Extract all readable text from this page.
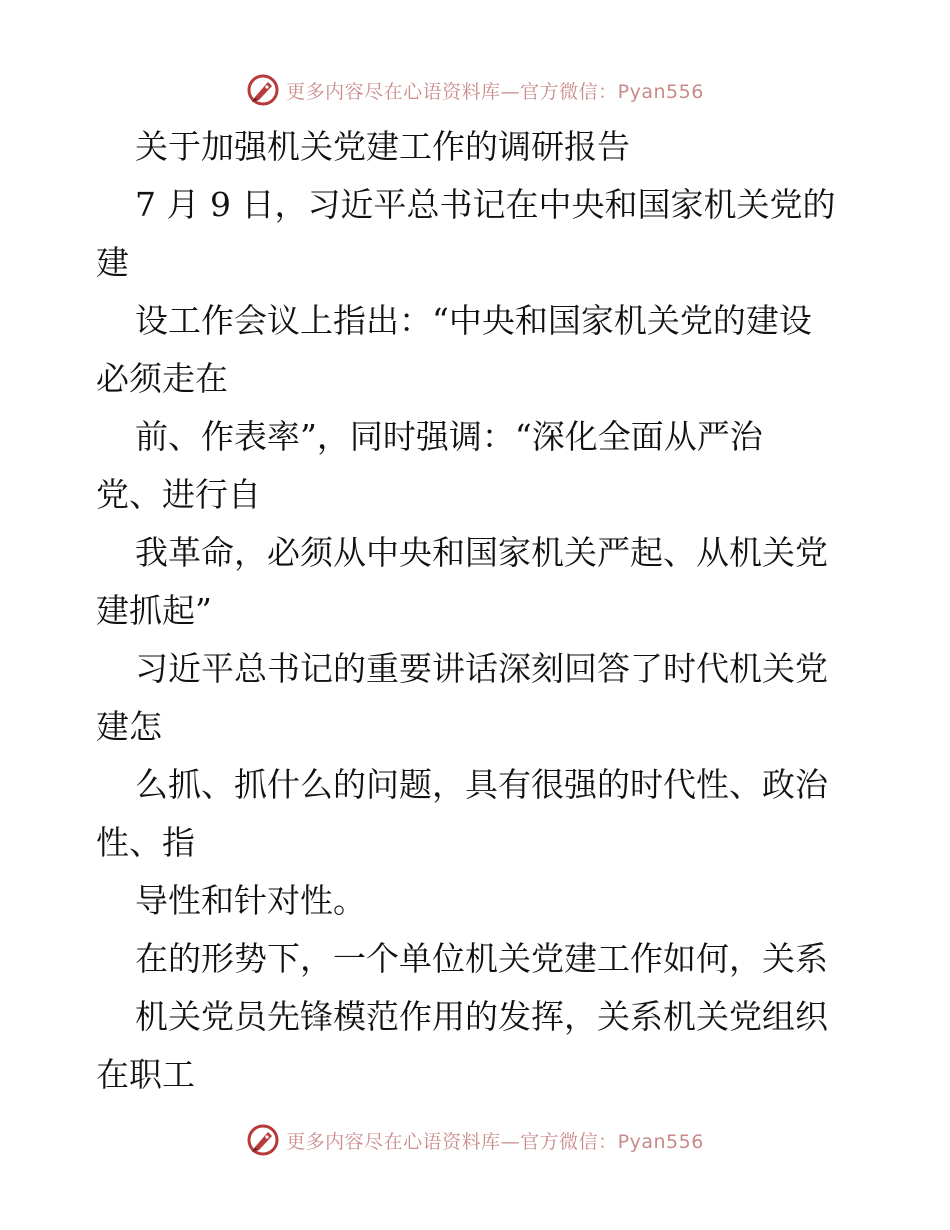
更多内容尽在心语资料库—官方微信：Pyan556
关于加强机关党建工作的调研报告
7 月 9 日，习近平总书记在中央和国家机关党的
建
设工作会议上指出：“中央和国家机关党的建设
必须走在
前、作表率”，同时强调：“深化全面从严治
党、进行自
我革命，必须从中央和国家机关严起、从机关党
建抓起”
习近平总书记的重要讲话深刻回答了时代机关党
建怎
么抓、抓什么的问题，具有很强的时代性、政治
性、指
导性和针对性。
在的形势下，一个单位机关党建工作如何，关系
机关党员先锋模范作用的发挥，关系机关党组织
在职工
更多内容尽在心语资料库—官方微信：Pyan556
